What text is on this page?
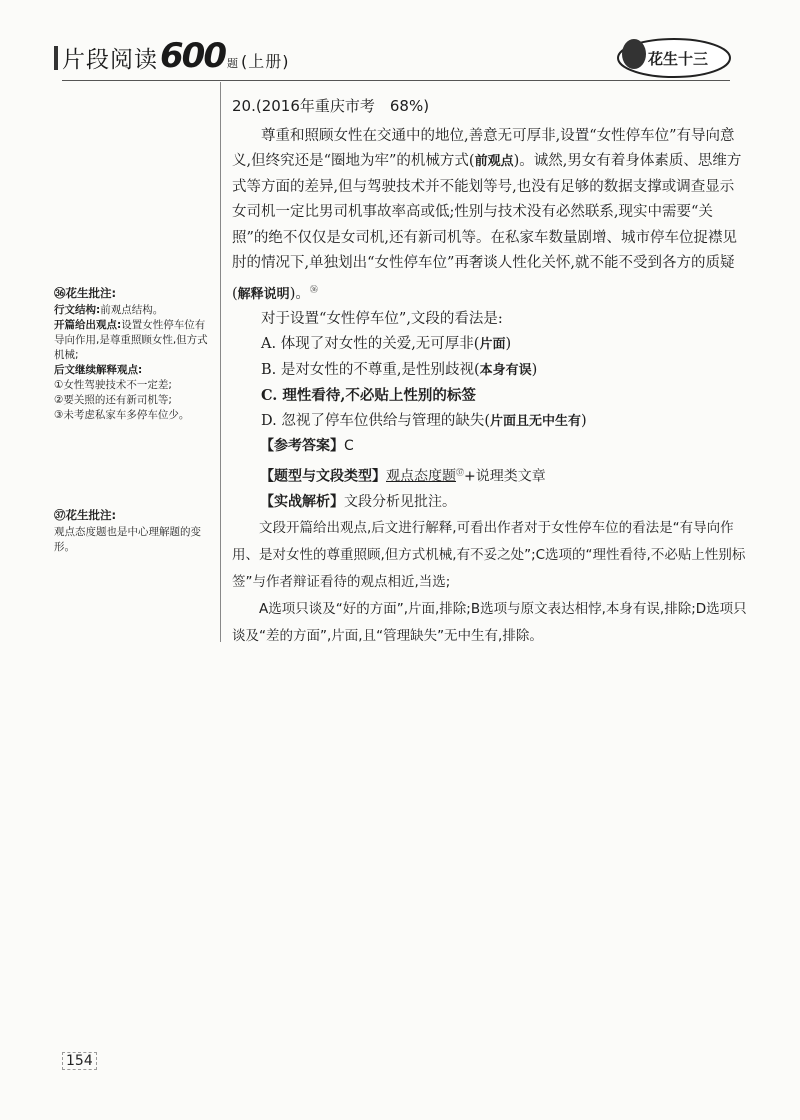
片段阅读 600 题 (上册)	花生十三
㊱花生批注:
行文结构:前观点结构。
开篇给出观点:设置女性停车位有导向作用,是尊重照顾女性,但方式机械;
后文继续解释观点:
①女性驾驶技术不一定差;
②要关照的还有新司机等;
③未考虑私家车多停车位少。
㊲花生批注:
观点态度题也是中心理解题的变形。

20.(2016年重庆市考　68%)

尊重和照顾女性在交通中的地位,善意无可厚非,设置“女性停车位”有导向意义,但终究还是“圈地为牢”的机械方式(前观点)。诚然,男女有着身体素质、思维方式等方面的差异,但与驾驶技术并不能划等号,也没有足够的数据支撑或调查显示女司机一定比男司机事故率高或低;性别与技术没有必然联系,现实中需要“关照”的绝不仅仅是女司机,还有新司机等。在私家车数量剧增、城市停车位捉襟见肘的情况下,单独划出“女性停车位”再奢谈人性化关怀,就不能不受到各方的质疑(解释说明)。$^㊱$

对于设置“女性停车位”,文段的看法是:

A. 体现了对女性的关爱,无可厚非(片面)

B. 是对女性的不尊重,是性别歧视(本身有误)

C. 理性看待,不必贴上性别的标签

D. 忽视了停车位供给与管理的缺失(片面且无中生有)

【参考答案】C

【题型与文段类型】观点态度题$^㊲$+说理类文章

【实战解析】文段分析见批注。

文段开篇给出观点,后文进行解释,可看出作者对于女性停车位的看法是“有导向作用、是对女性的尊重照顾,但方式机械,有不妥之处”;C选项的“理性看待,不必贴上性别标签”与作者辩证看待的观点相近,当选;

A选项只谈及“好的方面”,片面,排除;B选项与原文表达相悖,本身有误,排除;D选项只谈及“差的方面”,片面,且“管理缺失”无中生有,排除。

154
